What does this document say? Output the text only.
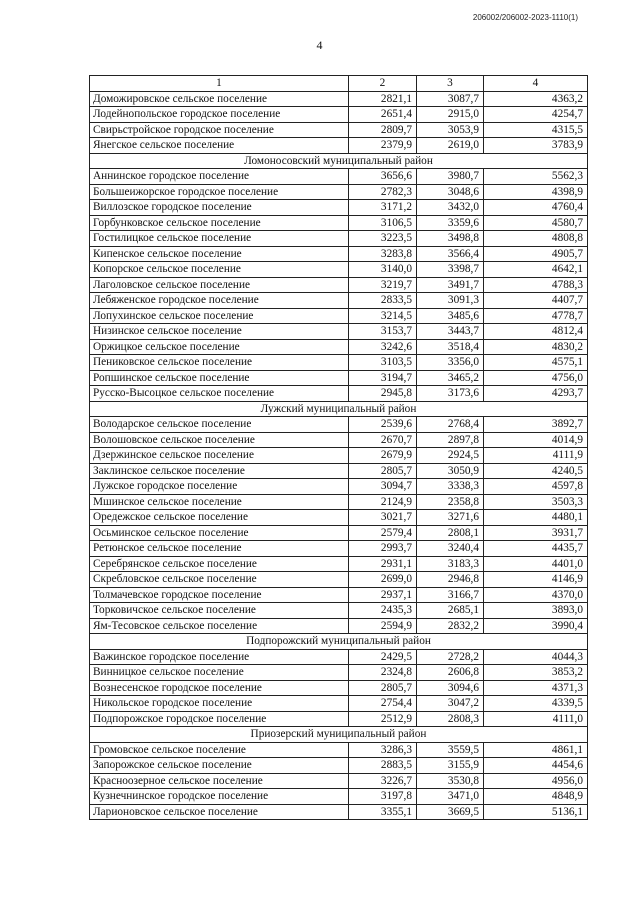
206002/206002-2023-1110(1)
4
1	2	3	4
Доможировское сельское поселение	2821,1	3087,7	4363,2
Лодейнопольское городское поселение	2651,4	2915,0	4254,7
Свирьстройское городское поселение	2809,7	3053,9	4315,5
Янегское сельское поселение	2379,9	2619,0	3783,9
Ломоносовский муниципальный район			
Аннинское городское поселение	3656,6	3980,7	5562,3
Большеижорское городское поселение	2782,3	3048,6	4398,9
Виллозское городское поселение	3171,2	3432,0	4760,4
Горбунковское сельское поселение	3106,5	3359,6	4580,7
Гостилицкое сельское поселение	3223,5	3498,8	4808,8
Кипенское сельское поселение	3283,8	3566,4	4905,7
Копорское сельское поселение	3140,0	3398,7	4642,1
Лаголовское сельское поселение	3219,7	3491,7	4788,3
Лебяженское городское поселение	2833,5	3091,3	4407,7
Лопухинское сельское поселение	3214,5	3485,6	4778,7
Низинское сельское поселение	3153,7	3443,7	4812,4
Оржицкое сельское поселение	3242,6	3518,4	4830,2
Пениковское сельское поселение	3103,5	3356,0	4575,1
Ропшинское сельское поселение	3194,7	3465,2	4756,0
Русско-Высоцкое сельское поселение	2945,8	3173,6	4293,7
Лужский муниципальный район			
Володарское сельское поселение	2539,6	2768,4	3892,7
Волошовское сельское поселение	2670,7	2897,8	4014,9
Дзержинское сельское поселение	2679,9	2924,5	4111,9
Заклинское сельское поселение	2805,7	3050,9	4240,5
Лужское городское поселение	3094,7	3338,3	4597,8
Мшинское сельское поселение	2124,9	2358,8	3503,3
Оредежское сельское поселение	3021,7	3271,6	4480,1
Осьминское сельское поселение	2579,4	2808,1	3931,7
Ретюнское сельское поселение	2993,7	3240,4	4435,7
Серебрянское сельское поселение	2931,1	3183,3	4401,0
Скребловское сельское поселение	2699,0	2946,8	4146,9
Толмачевское городское поселение	2937,1	3166,7	4370,0
Торковичское сельское поселение	2435,3	2685,1	3893,0
Ям-Тесовское сельское поселение	2594,9	2832,2	3990,4
Подпорожский муниципальный район			
Важинское городское поселение	2429,5	2728,2	4044,3
Винницкое сельское поселение	2324,8	2606,8	3853,2
Вознесенское городское поселение	2805,7	3094,6	4371,3
Никольское городское поселение	2754,4	3047,2	4339,5
Подпорожское городское поселение	2512,9	2808,3	4111,0
Приозерский муниципальный район			
Громовское сельское поселение	3286,3	3559,5	4861,1
Запорожское сельское поселение	2883,5	3155,9	4454,6
Красноозерное сельское поселение	3226,7	3530,8	4956,0
Кузнечнинское городское поселение	3197,8	3471,0	4848,9
Ларионовское сельское поселение	3355,1	3669,5	5136,1
